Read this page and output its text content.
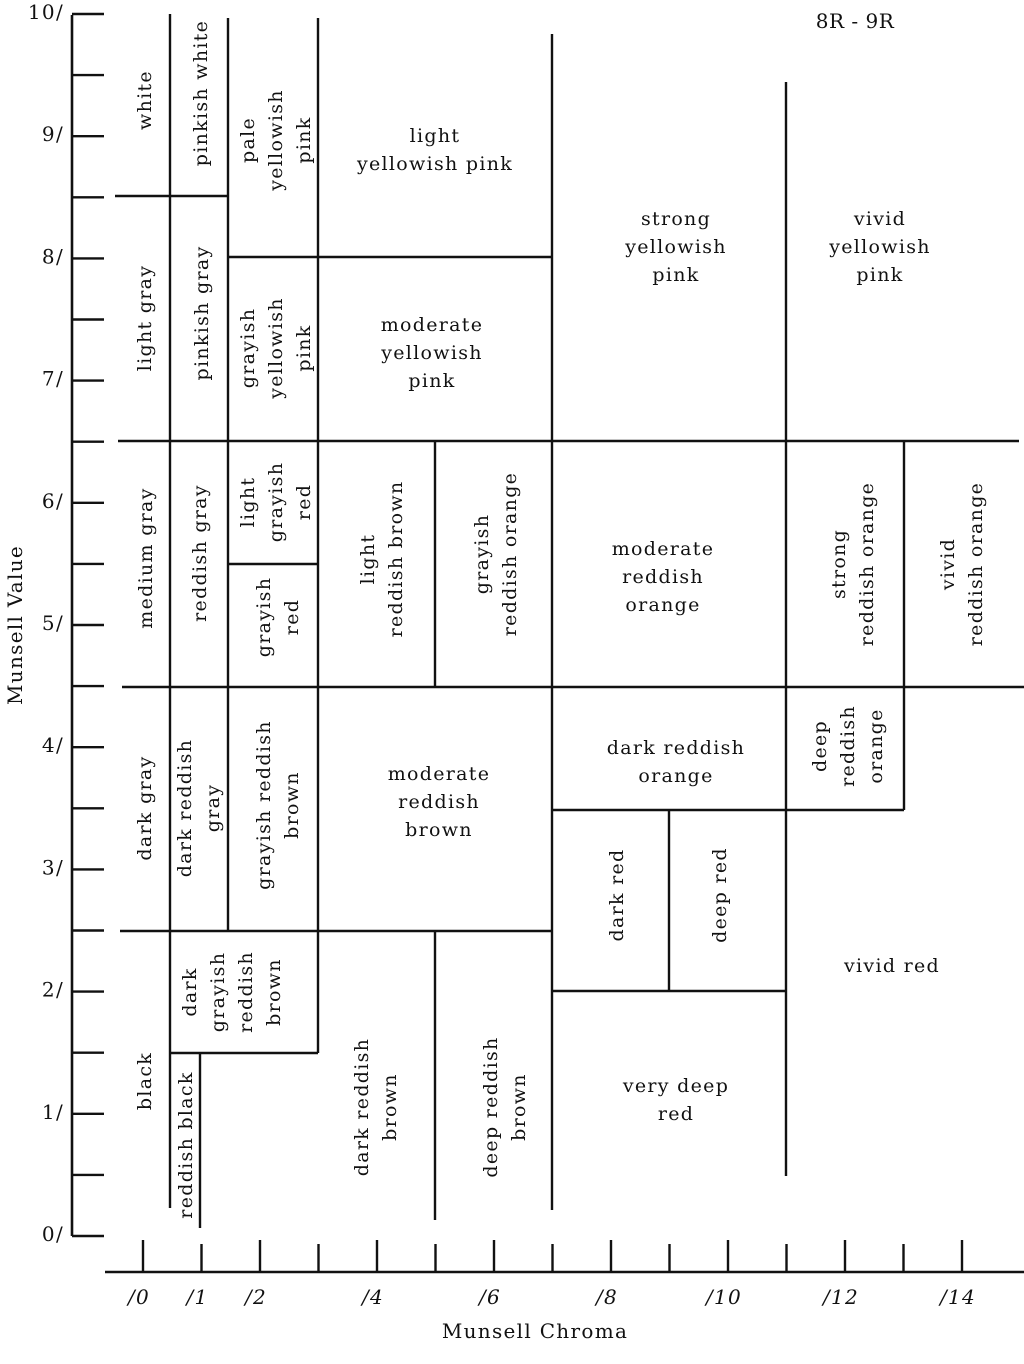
8R - 9R
0/
1/
2/
3/
4/
5/
6/
7/
8/
9/
10/
Munsell Value
/0 /1 /2	/4	/6	/8	/10	/12	/14
Munsell Chroma
white pinkish white pale yellowish pink	light yellowish pink
strong yellowish pink
vivid yellowish pink
light gray pinkish gray grayish yellowish pink	moderate yellowish pink
medium gray reddish gray light grayish red
grayish red
light reddish brown	grayish reddish orange	moderate reddish orange
strong reddish orange	vivid reddish orange
dark gray dark reddish gray grayish reddish brown	moderate reddish brown
dark reddish orange
deep reddish orange
dark red	deep red
dark grayish reddish brown	vivid red
black reddish black	dark reddish brown	deep reddish brown	very deep red
